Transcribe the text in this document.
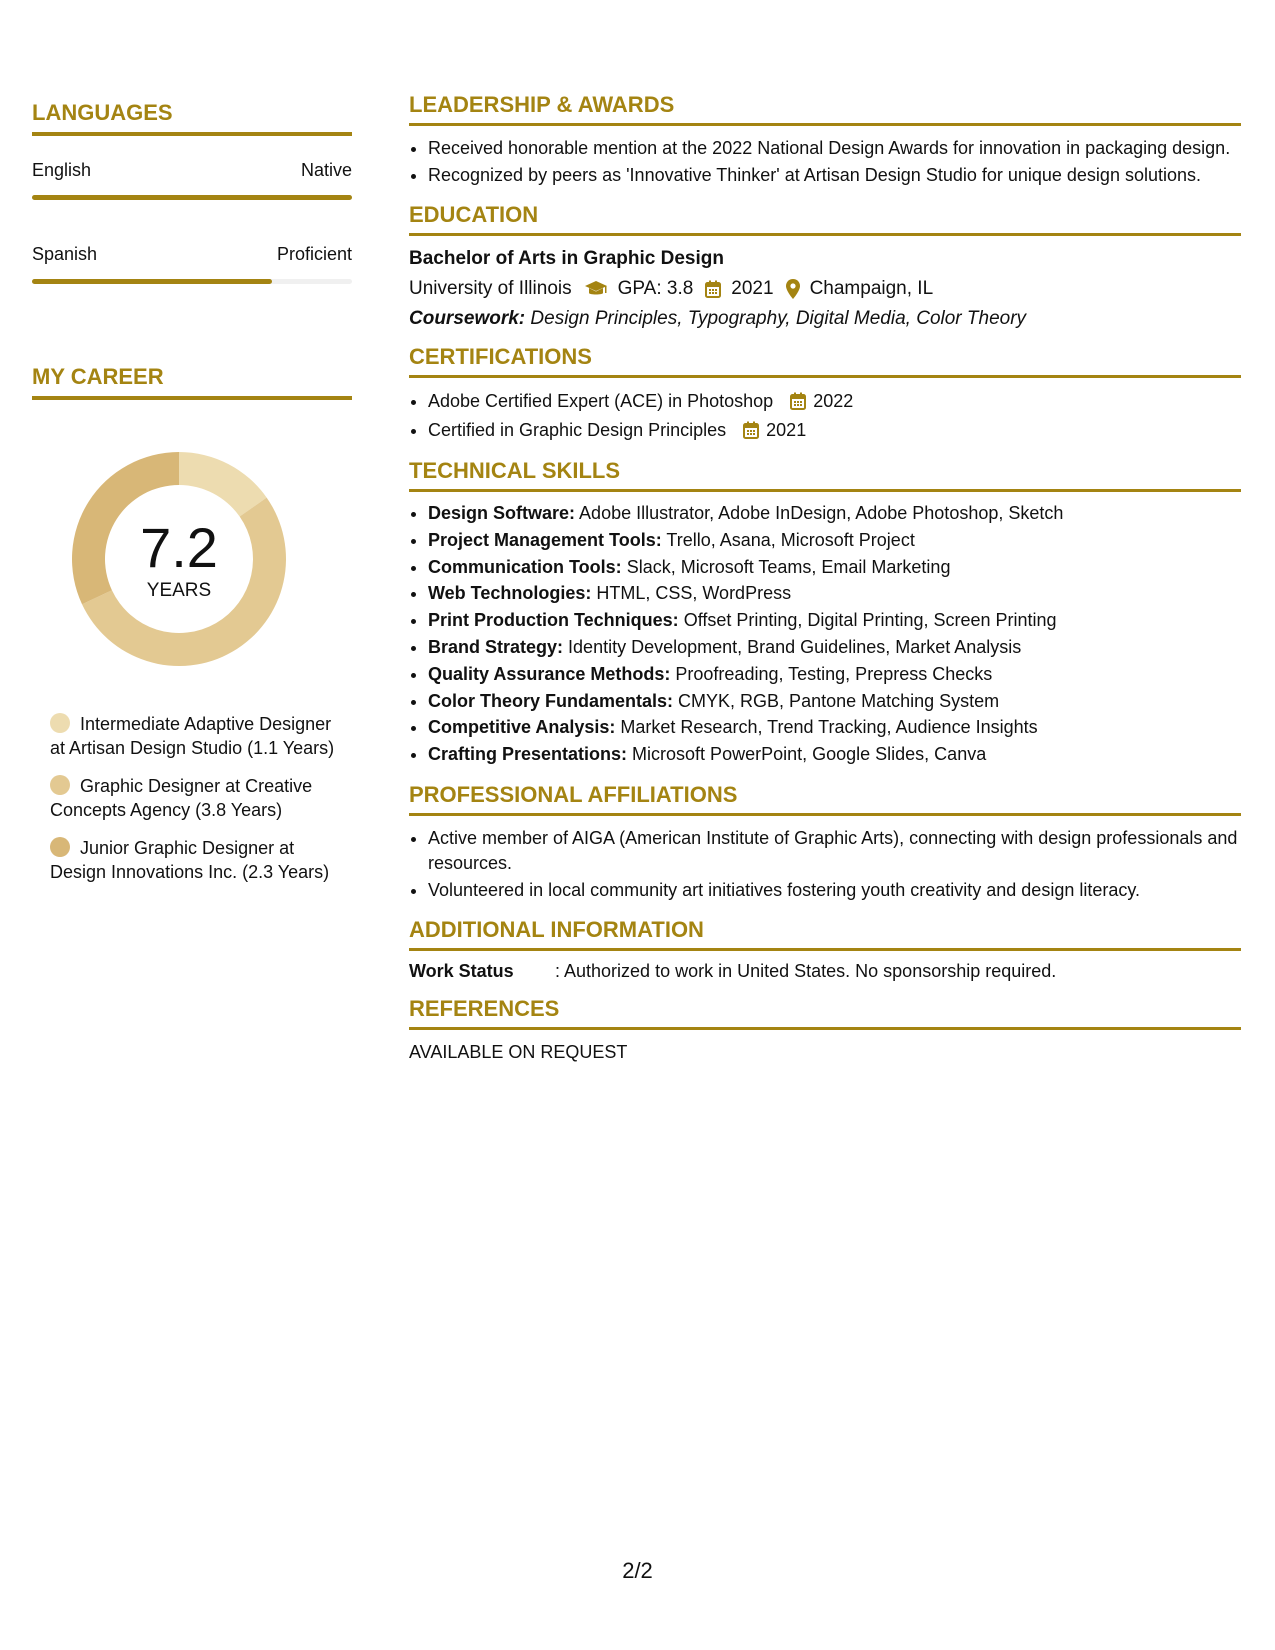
LANGUAGES
English	Native
Spanish	Proficient
MY CAREER
7.2
YEARS
Intermediate Adaptive Designer at Artisan Design Studio (1.1 Years)
Graphic Designer at Creative Concepts Agency (3.8 Years)
Junior Graphic Designer at Design Innovations Inc. (2.3 Years)
LEADERSHIP & AWARDS
• Received honorable mention at the 2022 National Design Awards for innovation in packaging design.
• Recognized by peers as 'Innovative Thinker' at Artisan Design Studio for unique design solutions.
EDUCATION
Bachelor of Arts in Graphic Design
University of Illinois GPA: 3.8 2021 Champaign, IL
Coursework: Design Principles, Typography, Digital Media, Color Theory
CERTIFICATIONS
• Adobe Certified Expert (ACE) in Photoshop 2022
• Certified in Graphic Design Principles 2021
TECHNICAL SKILLS
• Design Software: Adobe Illustrator, Adobe InDesign, Adobe Photoshop, Sketch
• Project Management Tools: Trello, Asana, Microsoft Project
• Communication Tools: Slack, Microsoft Teams, Email Marketing
• Web Technologies: HTML, CSS, WordPress
• Print Production Techniques: Offset Printing, Digital Printing, Screen Printing
• Brand Strategy: Identity Development, Brand Guidelines, Market Analysis
• Quality Assurance Methods: Proofreading, Testing, Prepress Checks
• Color Theory Fundamentals: CMYK, RGB, Pantone Matching System
• Competitive Analysis: Market Research, Trend Tracking, Audience Insights
• Crafting Presentations: Microsoft PowerPoint, Google Slides, Canva
PROFESSIONAL AFFILIATIONS
• Active member of AIGA (American Institute of Graphic Arts), connecting with design professionals and resources.
• Volunteered in local community art initiatives fostering youth creativity and design literacy.
ADDITIONAL INFORMATION
Work Status	: Authorized to work in United States. No sponsorship required.
REFERENCES
AVAILABLE ON REQUEST
2/2
